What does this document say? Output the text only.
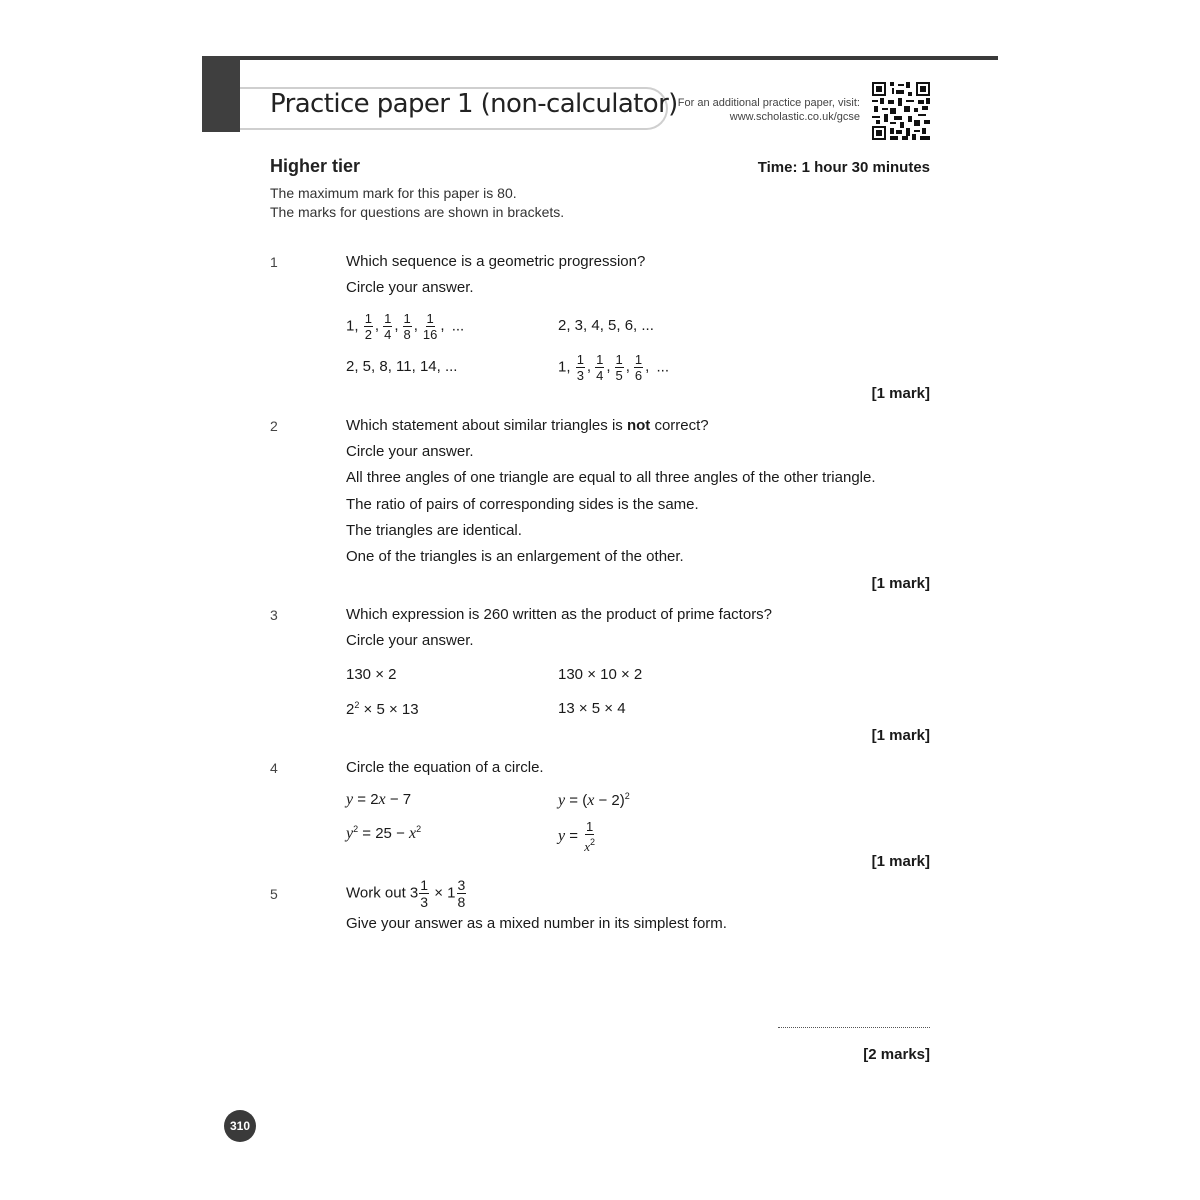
Practice paper 1 (non-calculator) For an additional practice paper, visit:
www.scholastic.co.uk/gcse
Higher tier	Time: 1 hour 30 minutes
The maximum mark for this paper is 80.
The marks for questions are shown in brackets.
1	Which sequence is a geometric progression?
Circle your answer.
1, $\frac{1}{2}$ , $\frac{1}{4}$ , $\frac{1}{8}$ , $\frac{1}{16}$ , ...	2, 3, 4, 5, 6, ...
2, 5, 8, 11, 14, ...	1, $\frac{1}{3}$ , $\frac{1}{4}$ , $\frac{1}{5}$ , $\frac{1}{6}$ , ...
[1 mark]
2	Which statement about similar triangles is not correct?
Circle your answer.
All three angles of one triangle are equal to all three angles of the other triangle.
The ratio of pairs of corresponding sides is the same.
The triangles are identical.
One of the triangles is an enlargement of the other.
[1 mark]
3	Which expression is 260 written as the product of prime factors?
Circle your answer.
130 × 2	130 × 10 × 2
$2^2 \times 5 \times 13$	13 × 5 × 4
[1 mark]
4	Circle the equation of a circle.
y = 2x − 7	$y = (x - 2)^2$
$y^2 = 25 - x^2$	$y = \frac{1}{x^2}$
[1 mark]
5	Work out $3 \frac{1}{3} \times 1 \frac{3}{8}$
Give your answer as a mixed number in its simplest form.
[2 marks]
310
